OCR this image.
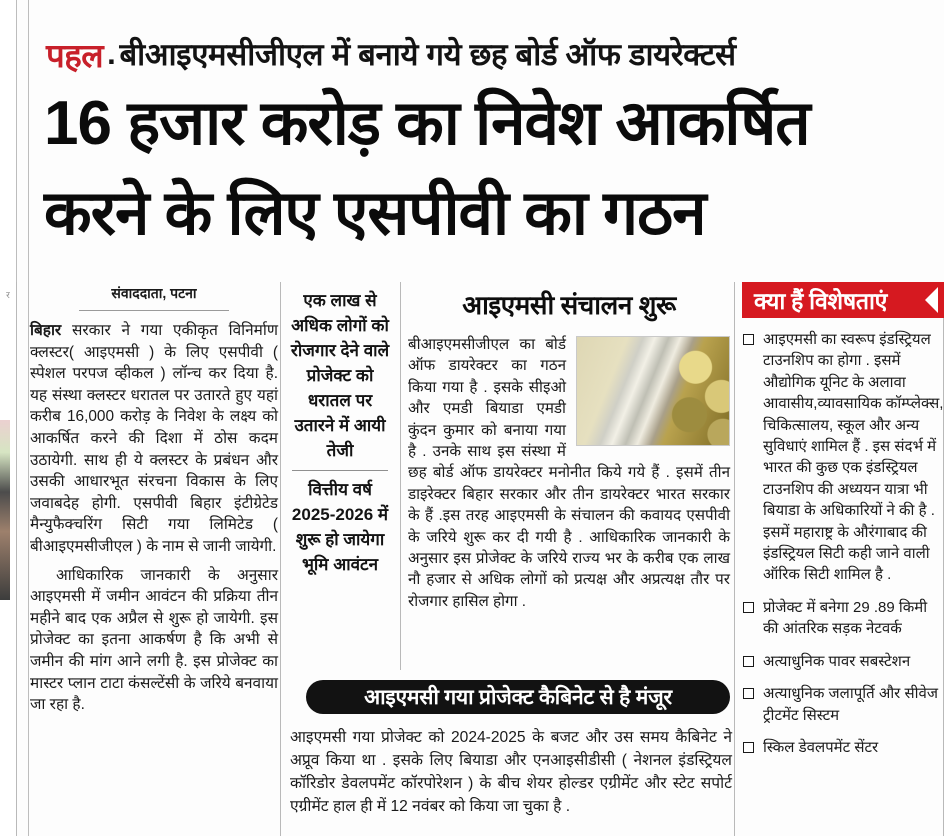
र
पहल . बीआइएमसीजीएल में बनाये गये छह बोर्ड ऑफ डायरेक्टर्स
16 हजार करोड़ का निवेश आकर्षित
करने के लिए एसपीवी का गठन
संवाददाता, पटना

बिहार सरकार ने गया एकीकृत विनिर्माण क्लस्टर( आइएमसी ) के लिए एसपीवी ( स्पेशल परपज व्हीकल ) लॉन्च कर दिया है. यह संस्था क्लस्टर धरातल पर उतारते हुए यहां करीब 16,000 करोड़ के निवेश के लक्ष्य को आकर्षित करने की दिशा में ठोस कदम उठायेगी. साथ ही ये क्लस्टर के प्रबंधन और उसकी आधारभूत संरचना विकास के लिए जवाबदेह होगी. एसपीवी बिहार इंटीग्रेटेड मैन्युफैक्चरिंग सिटी गया लिमिटेड ( बीआइएमसीजीएल ) के नाम से जानी जायेगी.

आधिकारिक जानकारी के अनुसार आइएमसी में जमीन आवंटन की प्रक्रिया तीन महीने बाद एक अप्रैल से शुरू हो जायेगी. इस प्रोजेक्ट का इतना आकर्षण है कि अभी से जमीन की मांग आने लगी है. इस प्रोजेक्ट का मास्टर प्लान टाटा कंसल्टेंसी के जरिये बनवाया जा रहा है.

एक लाख से अधिक लोगों को रोजगार देने वाले प्रोजेक्ट को धरातल पर उतारने में आयी तेजी
वित्तीय वर्ष 2025-2026 में शुरू हो जायेगा भूमि आवंटन
आइएमसी संचालन शुरू

बीआइएमसीजीएल का बोर्ड ऑफ डायरेक्टर का गठन किया गया है . इसके सीइओ और एमडी बियाडा एमडी कुंदन कुमार को बनाया गया है . उनके साथ इस संस्था में छह बोर्ड ऑफ डायरेक्टर मनोनीत किये गये हैं . इसमें तीन डाइरेक्टर बिहार सरकार और तीन डायरेक्टर भारत सरकार के हैं .इस तरह आइएमसी के संचालन की कवायद एसपीवी के जरिये शुरू कर दी गयी है . आधिकारिक जानकारी के अनुसार इस प्रोजेक्ट के जरिये राज्य भर के करीब एक लाख नौ हजार से अधिक लोगों को प्रत्यक्ष और अप्रत्यक्ष तौर पर रोजगार हासिल होगा .

आइएमसी गया प्रोजेक्ट कैबिनेट से है मंजूर

आइएमसी गया प्रोजेक्ट को 2024-2025 के बजट और उस समय कैबिनेट ने अप्रूव किया था . इसके लिए बियाडा और एनआइसीडीसी ( नेशनल इंडस्ट्रियल कॉरिडोर डेवलपमेंट कॉरपोरेशन ) के बीच शेयर होल्डर एग्रीमेंट और स्टेट सपोर्ट एग्रीमेंट हाल ही में 12 नवंबर को किया जा चुका है .

क्या हैं विशेषताएं
आइएमसी का स्वरूप इंडस्ट्रियल टाउनशिप का होगा . इसमें औद्योगिक यूनिट के अलावा आवासीय,व्यावसायिक कॉम्प्लेक्स, चिकित्सालय, स्कूल और अन्य सुविधाएं शामिल हैं . इस संदर्भ में भारत की कुछ एक इंडस्ट्रियल टाउनशिप की अध्ययन यात्रा भी बियाडा के अधिकारियों ने की है . इसमें महाराष्ट्र के औरंगाबाद की इंडस्ट्रियल सिटी कही जाने वाली ऑरिक सिटी शामिल है .
प्रोजेक्ट में बनेगा 29 .89 किमी की आंतरिक सड़क नेटवर्क
अत्याधुनिक पावर सबस्टेशन
अत्याधुनिक जलापूर्ति और सीवेज ट्रीटमेंट सिस्टम
स्किल डेवलपमेंट सेंटर
